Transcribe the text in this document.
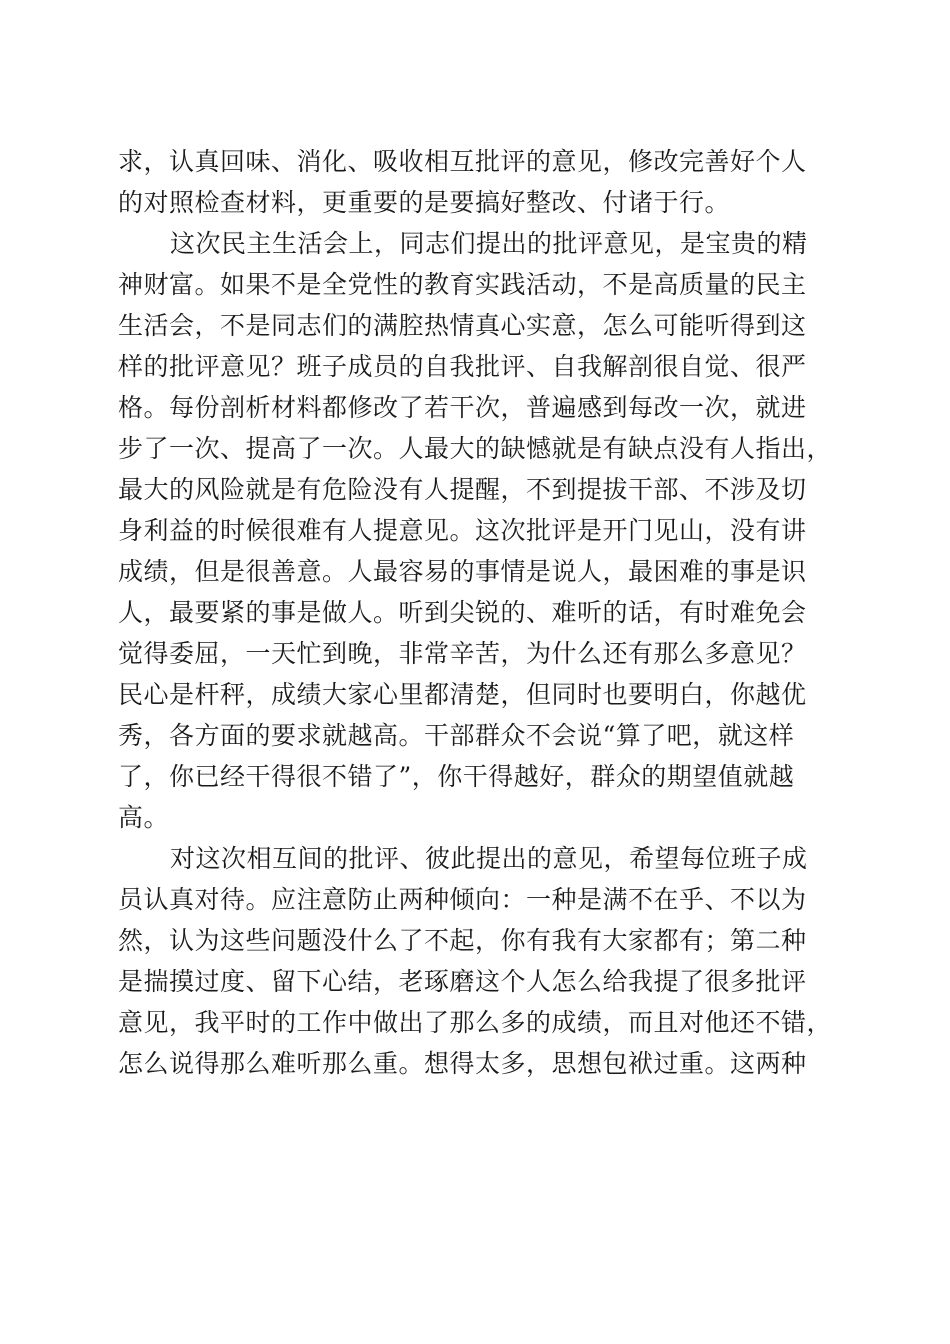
求，认真回味、消化、吸收相互批评的意见，修改完善好个人
的对照检查材料，更重要的是要搞好整改、付诸于行。
这次民主生活会上，同志们提出的批评意见，是宝贵的精
神财富。如果不是全党性的教育实践活动，不是高质量的民主
生活会，不是同志们的满腔热情真心实意，怎么可能听得到这
样的批评意见？班子成员的自我批评、自我解剖很自觉、很严
格。每份剖析材料都修改了若干次，普遍感到每改一次，就进
步了一次、提高了一次。人最大的缺憾就是有缺点没有人指出，
最大的风险就是有危险没有人提醒，不到提拔干部、不涉及切
身利益的时候很难有人提意见。这次批评是开门见山，没有讲
成绩，但是很善意。人最容易的事情是说人，最困难的事是识
人，最要紧的事是做人。听到尖锐的、难听的话，有时难免会
觉得委屈，一天忙到晚，非常辛苦，为什么还有那么多意见？
民心是杆秤，成绩大家心里都清楚，但同时也要明白，你越优
秀，各方面的要求就越高。干部群众不会说“算了吧，就这样
了，你已经干得很不错了”，你干得越好，群众的期望值就越
高。
对这次相互间的批评、彼此提出的意见，希望每位班子成
员认真对待。应注意防止两种倾向：一种是满不在乎、不以为
然，认为这些问题没什么了不起，你有我有大家都有；第二种
是揣摸过度、留下心结，老琢磨这个人怎么给我提了很多批评
意见，我平时的工作中做出了那么多的成绩，而且对他还不错，
怎么说得那么难听那么重。想得太多，思想包袱过重。这两种
